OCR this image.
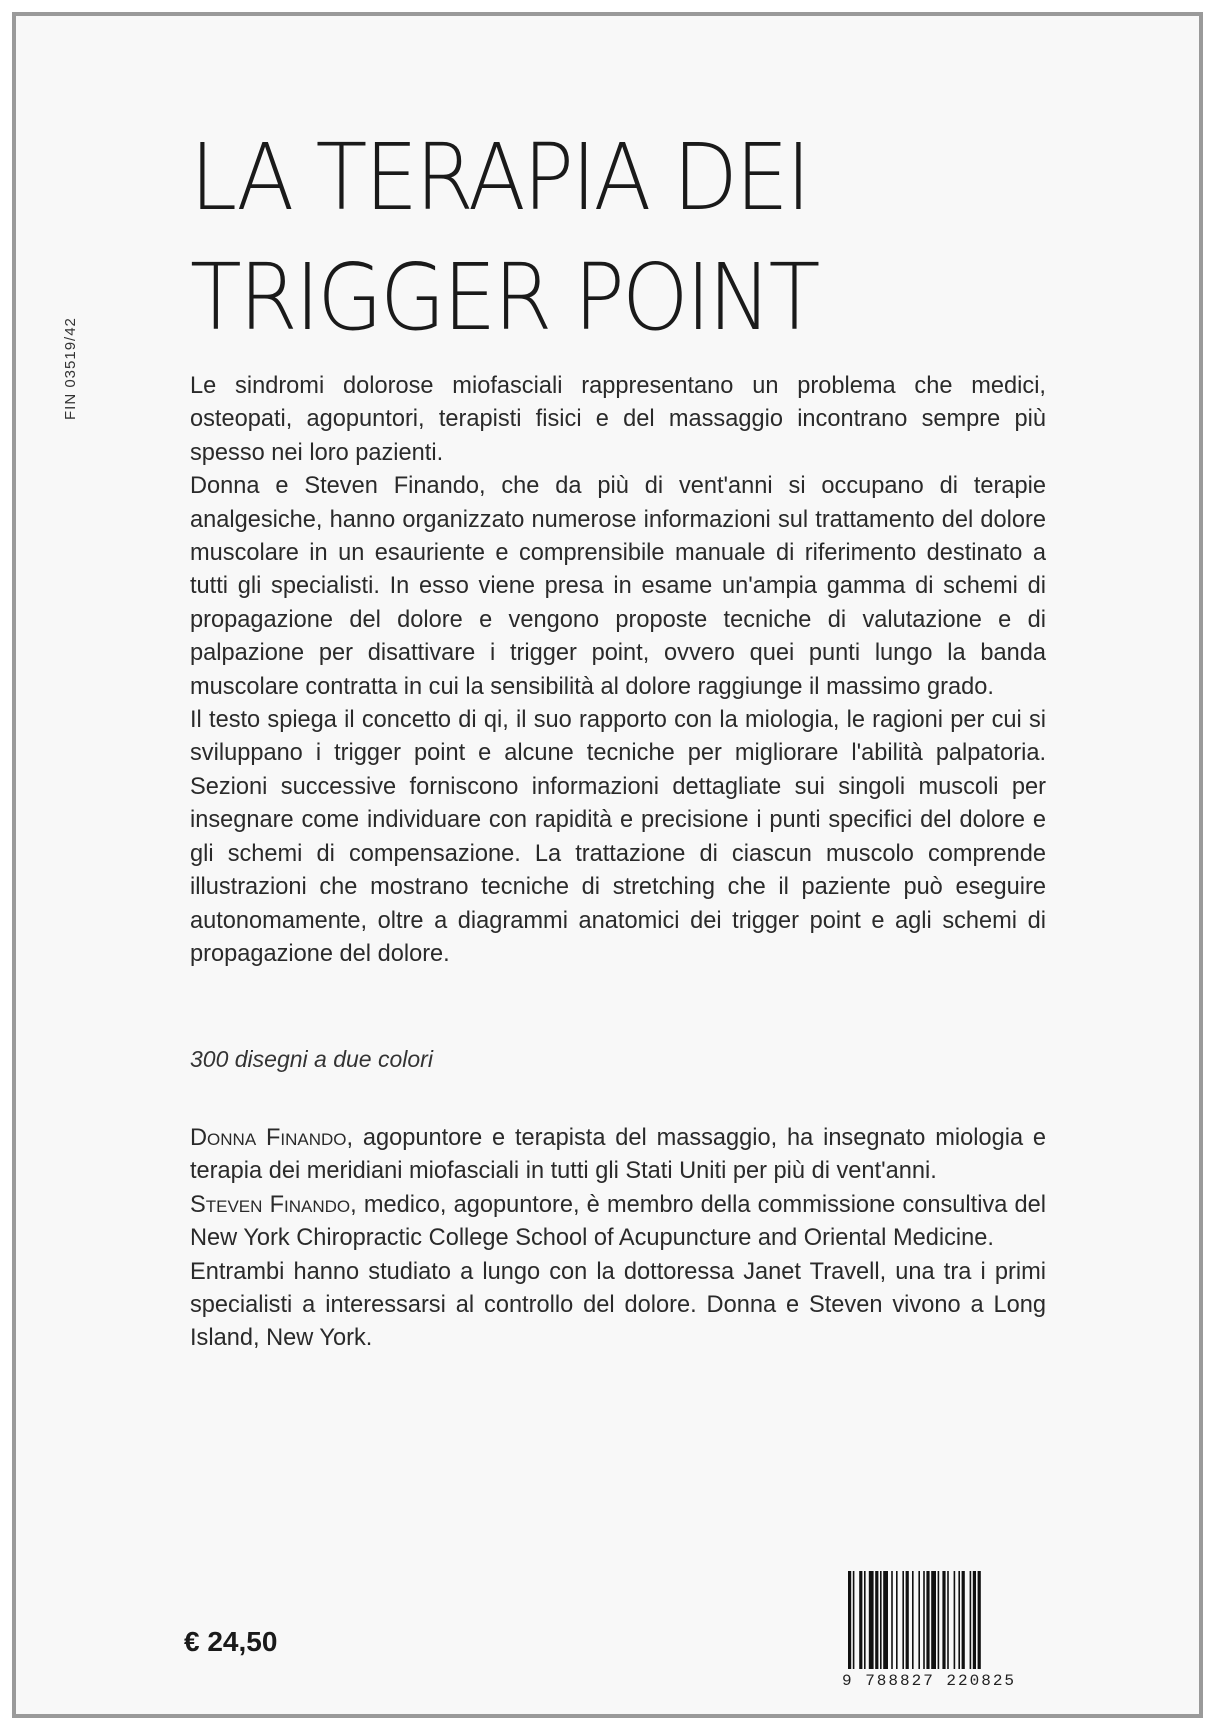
LA TERAPIA DEI
TRIGGER POINT
FIN 03519/42	Le sindromi dolorose miofasciali rappresentano un problema che medici, osteopati, agopuntori, terapisti fisici e del massaggio incontrano sempre più spesso nei loro pazienti.

Donna e Steven Finando, che da più di vent'anni si occupano di terapie analgesiche, hanno organizzato numerose informazioni sul trattamento del dolore muscolare in un esauriente e comprensibile manuale di riferimento destinato a tutti gli specialisti. In esso viene presa in esame un'ampia gamma di schemi di propagazione del dolore e vengono proposte tecniche di valutazione e di palpazione per disattivare i trigger point, ovvero quei punti lungo la banda muscolare contratta in cui la sensibilità al dolore raggiunge il massimo grado.

Il testo spiega il concetto di qi, il suo rapporto con la miologia, le ragioni per cui si sviluppano i trigger point e alcune tecniche per migliorare l'abilità palpatoria. Sezioni successive forniscono informazioni dettagliate sui singoli muscoli per insegnare come individuare con rapidità e precisione i punti specifici del dolore e gli schemi di compensazione. La trattazione di ciascun muscolo comprende illustrazioni che mostrano tecniche di stretching che il paziente può eseguire autonomamente, oltre a diagrammi anatomici dei trigger point e agli schemi di propagazione del dolore.

300 disegni a due colori

Donna Finando, agopuntore e terapista del massaggio, ha insegnato miologia e terapia dei meridiani miofasciali in tutti gli Stati Uniti per più di vent'anni.

Steven Finando, medico, agopuntore, è membro della commissione consultiva del New York Chiropractic College School of Acupuncture and Oriental Medicine.

Entrambi hanno studiato a lungo con la dottoressa Janet Travell, una tra i primi specialisti a interessarsi al controllo del dolore. Donna e Steven vivono a Long Island, New York.

€ 24,50
9 788827 220825
